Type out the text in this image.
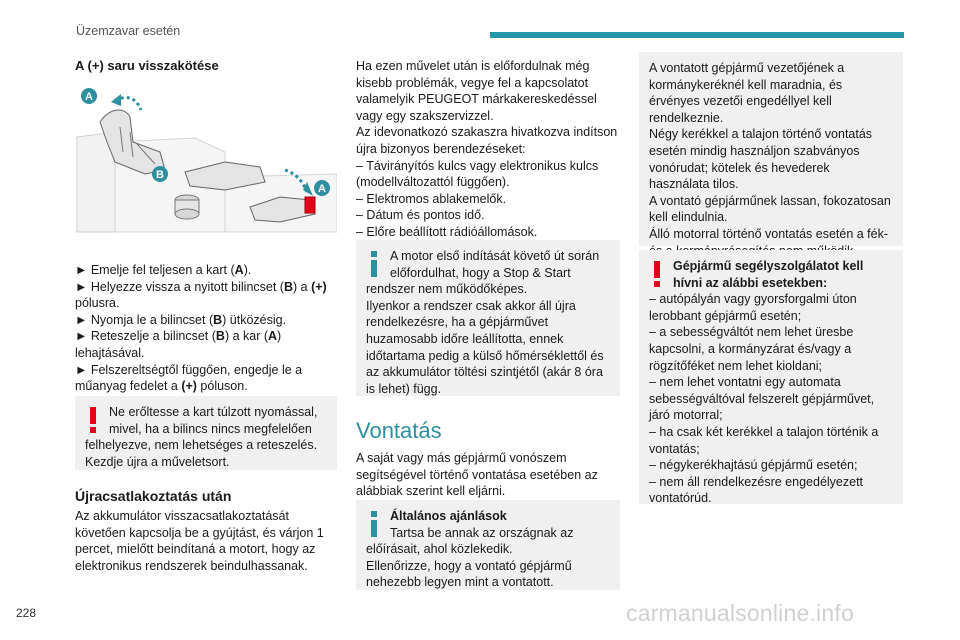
Üzemzavar esetén
A (+) saru visszakötése
A
B
A

► Emelje fel teljesen a kart (A).

► Helyezze vissza a nyitott bilincset (B) a (+) pólusra.

► Nyomja le a bilincset (B) ütközésig.

► Reteszelje a bilincset (B) a kar (A) lehajtásával.

► Felszereltségtől függően, engedje le a műanyag fedelet a (+) póluson.

Ne erőltesse a kart túlzott nyomással, mivel, ha a bilincs nincs megfelelően

felhelyezve, nem lehetséges a reteszelés. Kezdje újra a műveletsort.

Újracsatlakoztatás után
Az akkumulátor visszacsatlakoztatását követően kapcsolja be a gyújtást, és várjon 1 percet, mielőtt beindítaná a motort, hogy az elektronikus rendszerek beindulhassanak.

Ha ezen művelet után is előfordulnak még kisebb problémák, vegye fel a kapcsolatot valamelyik PEUGEOT márkakereskedéssel vagy egy szakszervizzel.

Az idevonatkozó szakaszra hivatkozva indítson újra bizonyos berendezéseket:

– Távirányítós kulcs vagy elektronikus kulcs (modellváltozattól függően).

– Elektromos ablakemelők.

– Dátum és pontos idő.

– Előre beállított rádióállomások.

A motor első indítását követő út során előfordulhat, hogy a Stop & Start

rendszer nem működőképes.

Ilyenkor a rendszer csak akkor áll újra rendelkezésre, ha a gépjárművet huzamosabb időre leállította, ennek időtartama pedig a külső hőmérséklettől és az akkumulátor töltési szintjétől (akár 8 óra is lehet) függ.

Vontatás
A saját vagy más gépjármű vonószem segítségével történő vontatása esetében az alábbiak szerint kell eljárni.

Általános ajánlások

Tartsa be annak az országnak az

előírásait, ahol közlekedik.

Ellenőrizze, hogy a vontató gépjármű nehezebb legyen mint a vontatott.

A vontatott gépjármű vezetőjének a kormánykeréknél kell maradnia, és érvényes vezetői engedéllyel kell rendelkeznie.

Négy kerékkel a talajon történő vontatás esetén mindig használjon szabványos vonórudat; kötelek és hevederek használata tilos.

A vontató gépjárműnek lassan, fokozatosan kell elindulnia.

Álló motorral történő vontatás esetén a fék-

Gépjármű segélyszolgálatot kell hívni az alábbi esetekben:

– autópályán vagy gyorsforgalmi úton lerobbant gépjármű esetén;

– a sebességváltót nem lehet üresbe kapcsolni, a kormányzárat és/vagy a rögzítőféket nem lehet kioldani;

– nem lehet vontatni egy automata sebességváltóval felszerelt gépjárművet, járó motorral;

– ha csak két kerékkel a talajon történik a vontatás;

– négykerékhajtású gépjármű esetén;

– nem áll rendelkezésre engedélyezett vontatórúd.

228	carmanualsonline.info
